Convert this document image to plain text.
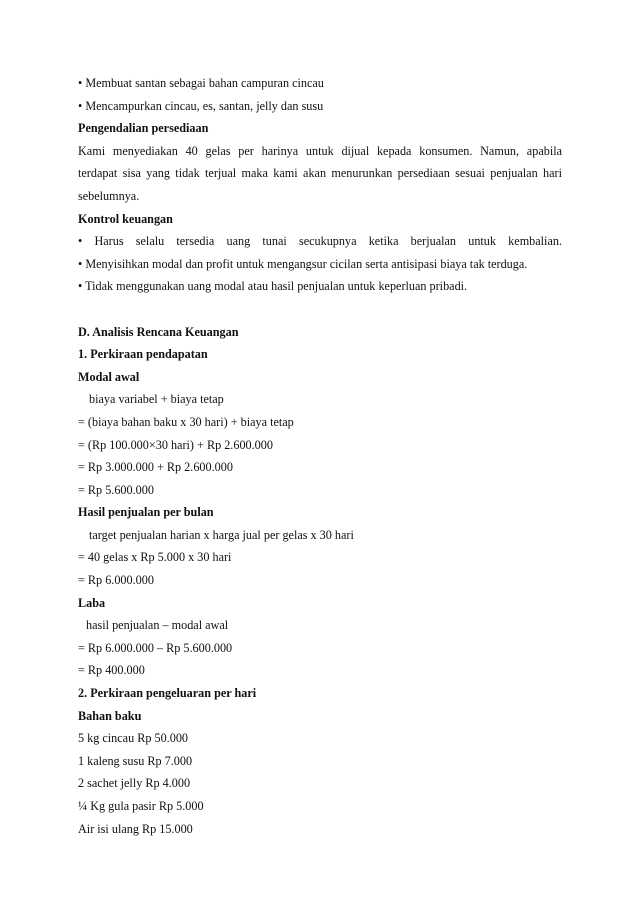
• Membuat santan sebagai bahan campuran cincau
• Mencampurkan cincau, es, santan, jelly dan susu
Pengendalian persediaan
Kami menyediakan 40 gelas per harinya untuk dijual kepada konsumen. Namun, apabila
terdapat sisa yang tidak terjual maka kami akan menurunkan persediaan sesuai penjualan hari
sebelumnya.
Kontrol keuangan
• Harus selalu tersedia uang tunai secukupnya ketika berjualan untuk kembalian.
• Menyisihkan modal dan profit untuk mengangsur cicilan serta antisipasi biaya tak terduga.
• Tidak menggunakan uang modal atau hasil penjualan untuk keperluan pribadi.
D. Analisis Rencana Keuangan
1. Perkiraan pendapatan
Modal awal
biaya variabel + biaya tetap
= (biaya bahan baku x 30 hari) + biaya tetap
= (Rp 100.000×30 hari) + Rp 2.600.000
= Rp 3.000.000 + Rp 2.600.000
= Rp 5.600.000
Hasil penjualan per bulan
target penjualan harian x harga jual per gelas x 30 hari
= 40 gelas x Rp 5.000 x 30 hari
= Rp 6.000.000
Laba
hasil penjualan – modal awal
= Rp 6.000.000 – Rp 5.600.000
= Rp 400.000
2. Perkiraan pengeluaran per hari
Bahan baku
5 kg cincau Rp 50.000
1 kaleng susu Rp 7.000
2 sachet jelly Rp 4.000
¼ Kg gula pasir Rp 5.000
Air isi ulang Rp 15.000
